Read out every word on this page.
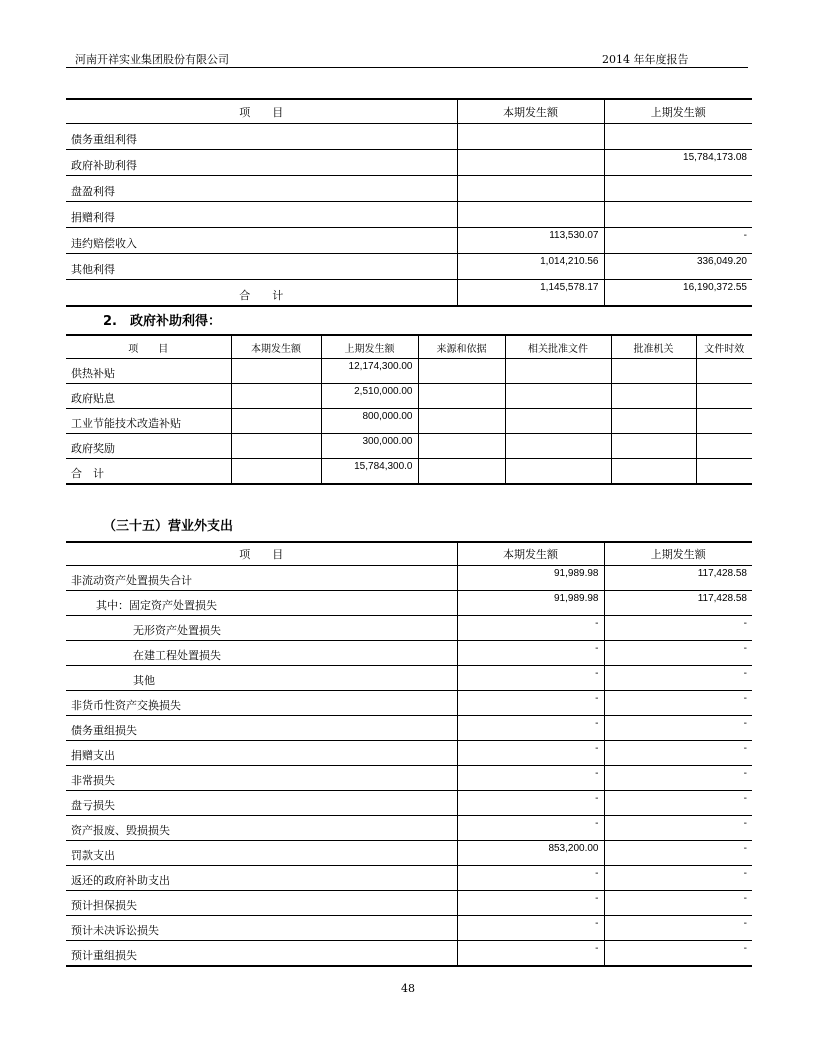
河南开祥实业集团股份有限公司	2014 年年度报告
项　　目	本期发生额	上期发生额
债务重组利得		
政府补助利得		15,784,173.08
盘盈利得		
捐赠利得		
违约赔偿收入	113,530.07	-
其他利得	1,014,210.56	336,049.20
合　　计	1,145,578.17	16,190,372.55
2.　政府补助利得：
项　　目	本期发生额	上期发生额	来源和依据	相关批准文件	批准机关	文件时效
供热补贴		12,174,300.00				
政府贴息		2,510,000.00				
工业节能技术改造补贴		800,000.00				
政府奖励		300,000.00				
合　计		15,784,300.0				
（三十五）营业外支出
项　　目	本期发生额	上期发生额
非流动资产处置损失合计	91,989.98	117,428.58
其中：固定资产处置损失	91,989.98	117,428.58
无形资产处置损失	-	-
在建工程处置损失	-	-
其他	-	-
非货币性资产交换损失	-	-
债务重组损失	-	-
捐赠支出	-	-
非常损失	-	-
盘亏损失	-	-
资产报废、毁损损失	-	-
罚款支出	853,200.00	-
返还的政府补助支出	-	-
预计担保损失	-	-
预计未决诉讼损失	-	-
预计重组损失	-	-
48
